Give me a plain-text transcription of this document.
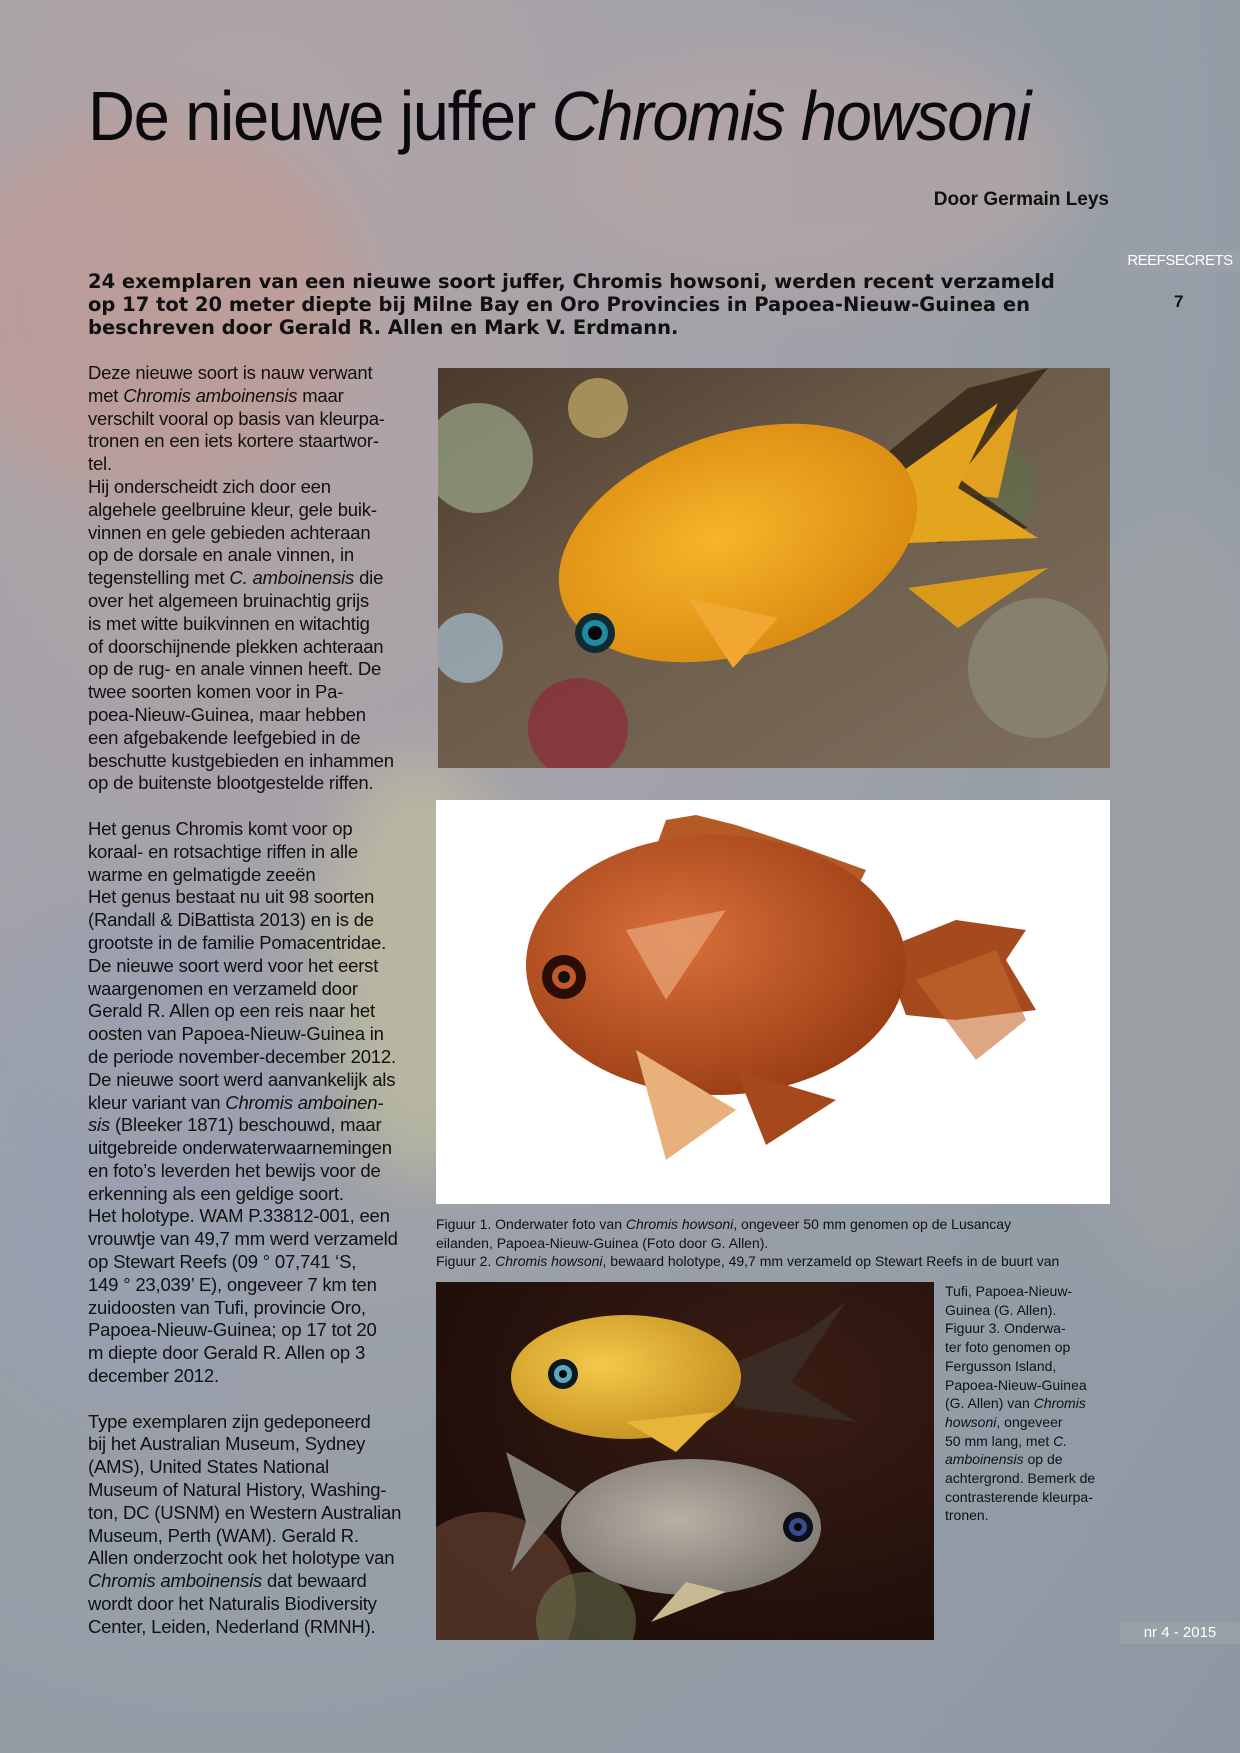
De nieuwe juffer Chromis howsoni
Door Germain Leys
REEFSECRETS
7

24 exemplaren van een nieuwe soort juffer, Chromis howsoni, werden recent verzameld op 17 tot 20 meter diepte bij Milne Bay en Oro Provincies in Papoea-Nieuw-Guinea en beschreven door Gerald R. Allen en Mark V. Erdmann.

Deze nieuwe soort is nauw verwant
met Chromis amboinensis maar
verschilt vooral op basis van kleurpa-
tronen en een iets kortere staartwor-
tel.

Hij onderscheidt zich door een
algehele geelbruine kleur, gele buik-
vinnen en gele gebieden achteraan
op de dorsale en anale vinnen, in
tegenstelling met C. amboinensis die
over het algemeen bruinachtig grijs
is met witte buikvinnen en witachtig
of doorschijnende plekken achteraan
op de rug- en anale vinnen heeft. De
twee soorten komen voor in Pa-
poea-Nieuw-Guinea, maar hebben
een afgebakende leefgebied in de
beschutte kustgebieden en inhammen
op de buitenste blootgestelde riffen.

Het genus Chromis komt voor op
koraal- en rotsachtige riffen in alle
warme en gelmatigde zeeën
Het genus bestaat nu uit 98 soorten
(Randall & DiBattista 2013) en is de
grootste in de familie Pomacentridae.
De nieuwe soort werd voor het eerst
waargenomen en verzameld door
Gerald R. Allen op een reis naar het
oosten van Papoea-Nieuw-Guinea in
de periode november-december 2012.
De nieuwe soort werd aanvankelijk als
kleur variant van Chromis amboinen-
sis (Bleeker 1871) beschouwd, maar
uitgebreide onderwaterwaarnemingen
en foto’s leverden het bewijs voor de
erkenning als een geldige soort.
Het holotype. WAM P.33812-001, een
vrouwtje van 49,7 mm werd verzameld
op Stewart Reefs (09 ° 07,741 ‘S,
149 ° 23,039’ E), ongeveer 7 km ten
zuidoosten van Tufi, provincie Oro,
Papoea-Nieuw-Guinea; op 17 tot 20
m diepte door Gerald R. Allen op 3
december 2012.

Type exemplaren zijn gedeponeerd
bij het Australian Museum, Sydney
(AMS), United States National
Museum of Natural History, Washing-
ton, DC (USNM) en Western Australian
Museum, Perth (WAM). Gerald R.
Allen onderzocht ook het holotype van
Chromis amboinensis dat bewaard
wordt door het Naturalis Biodiversity
Center, Leiden, Nederland (RMNH).

Figuur 1. Onderwater foto van Chromis howsoni, ongeveer 50 mm genomen op de Lusancay

eilanden, Papoea-Nieuw-Guinea (Foto door G. Allen).

Figuur 2. Chromis howsoni, bewaard holotype, 49,7 mm verzameld op Stewart Reefs in de buurt van

Tufi, Papoea-Nieuw-
Guinea (G. Allen).
Figuur 3. Onderwa-
ter foto genomen op
Fergusson Island,
Papoea-Nieuw-Guinea
(G. Allen) van Chromis
howsoni, ongeveer
50 mm lang, met C.
amboinensis op de
achtergrond. Bemerk de
contrasterende kleurpa-
tronen.

nr 4 - 2015
